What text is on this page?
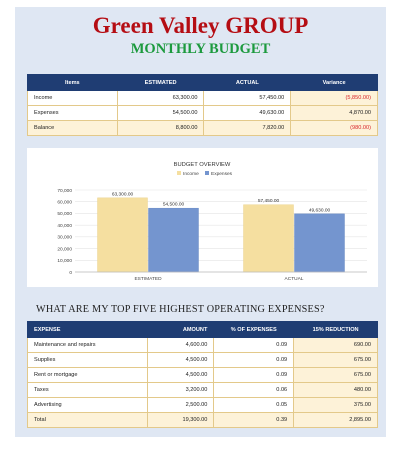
Green Valley GROUP
MONTHLY BUDGET
Items	ESTIMATED	ACTUAL	Variance
Income	63,300.00	57,450.00	(5,850.00)
Expenses	54,500.00	49,630.00	4,870.00
Balance	8,800.00	7,820.00	(980.00)
BUDGET OVERVIEW
Income	Expenses
0
10,000
20,000
30,000
40,000
50,000
60,000
70,000
63,300.00
54,500.00
ESTIMATED
57,450.00
49,630.00
ACTUAL
WHAT ARE MY TOP FIVE HIGHEST OPERATING EXPENSES?
EXPENSE	AMOUNT	% OF EXPENSES	15% REDUCTION
Maintenance and repairs	4,600.00	0.09	690.00
Supplies	4,500.00	0.09	675.00
Rent or mortgage	4,500.00	0.09	675.00
Taxes	3,200.00	0.06	480.00
Advertising	2,500.00	0.05	375.00
Total	19,300.00	0.39	2,895.00
